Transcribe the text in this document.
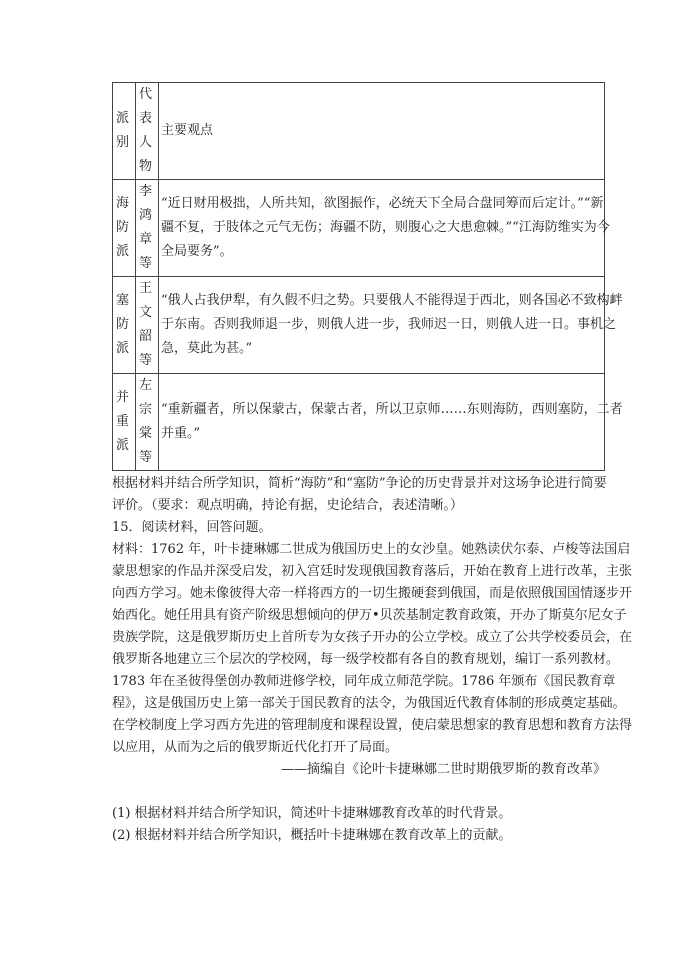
派别	代表人物	主要观点
海防派	李鸿章等	“近日财用极拙，人所共知，欲图振作，必统天下全局合盘同筹而后定计。”“新
疆不复，于肢体之元气无伤；海疆不防，则腹心之大患愈棘。”“江海防维实为今
全局要务”。

塞防派	王文韶等	“俄人占我伊犁，有久假不归之势。只要俄人不能得逞于西北，则各国必不致构衅
于东南。否则我师退一步，则俄人进一步，我师迟一日，则俄人进一日。事机之
急，莫此为甚。”

并重派	左宗棠等	“重新疆者，所以保蒙古，保蒙古者，所以卫京师……东则海防，西则塞防，二者
并重。”
根据材料并结合所学知识，简析“海防”和“塞防”争论的历史背景并对这场争论进行简要
评价。（要求：观点明确，持论有据，史论结合，表述清晰。）
15．阅读材料，回答问题。
材料：1762 年，叶卡捷琳娜二世成为俄国历史上的女沙皇。她熟读伏尔泰、卢梭等法国启
蒙思想家的作品并深受启发，初入宫廷时发现俄国教育落后，开始在教育上进行改革，主张
向西方学习。她未像彼得大帝一样将西方的一切生搬硬套到俄国，而是依照俄国国情逐步开
始西化。她任用具有资产阶级思想倾向的伊万•贝茨基制定教育政策，开办了斯莫尔尼女子
贵族学院，这是俄罗斯历史上首所专为女孩子开办的公立学校。成立了公共学校委员会，在
俄罗斯各地建立三个层次的学校网，每一级学校都有各自的教育规划，编订一系列教材。
1783 年在圣彼得堡创办教师进修学校，同年成立师范学院。1786 年颁布《国民教育章
程》，这是俄国历史上第一部关于国民教育的法令，为俄国近代教育体制的形成奠定基础。
在学校制度上学习西方先进的管理制度和课程设置，使启蒙思想家的教育思想和教育方法得
以应用，从而为之后的俄罗斯近代化打开了局面。
——摘编自《论叶卡捷琳娜二世时期俄罗斯的教育改革》
(1) 根据材料并结合所学知识，简述叶卡捷琳娜教育改革的时代背景。
(2) 根据材料并结合所学知识，概括叶卡捷琳娜在教育改革上的贡献。
